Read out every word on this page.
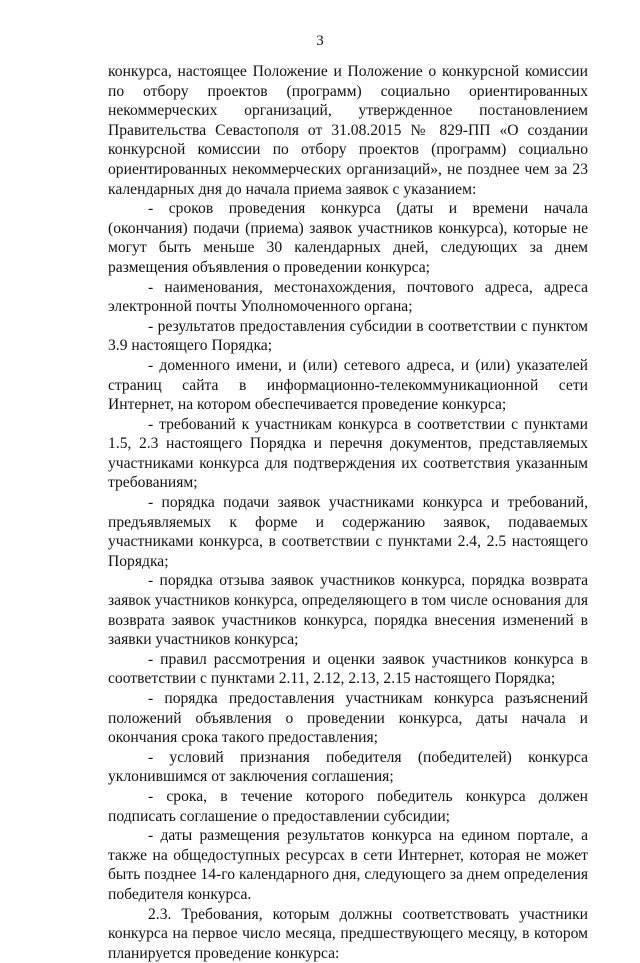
3

конкурса, настоящее Положение и Положение о конкурсной комиссии по отбору проектов (программ) социально ориентированных некоммерческих организаций, утвержденное постановлением Правительства Севастополя от 31.08.2015 № 829-ПП «О создании конкурсной комиссии по отбору проектов (программ) социально ориентированных некоммерческих организаций», не позднее чем за 23 календарных дня до начала приема заявок с указанием:

- сроков проведения конкурса (даты и времени начала (окончания) подачи (приема) заявок участников конкурса), которые не могут быть меньше 30 календарных дней, следующих за днем размещения объявления о проведении конкурса;

- наименования, местонахождения, почтового адреса, адреса электронной почты Уполномоченного органа;

- результатов предоставления субсидии в соответствии с пунктом 3.9 настоящего Порядка;

- доменного имени, и (или) сетевого адреса, и (или) указателей страниц сайта в информационно-телекоммуникационной сети Интернет, на котором обеспечивается проведение конкурса;

- требований к участникам конкурса в соответствии с пунктами 1.5, 2.3 настоящего Порядка и перечня документов, представляемых участниками конкурса для подтверждения их соответствия указанным требованиям;

- порядка подачи заявок участниками конкурса и требований, предъявляемых к форме и содержанию заявок, подаваемых участниками конкурса, в соответствии с пунктами 2.4, 2.5 настоящего Порядка;

- порядка отзыва заявок участников конкурса, порядка возврата заявок участников конкурса, определяющего в том числе основания для возврата заявок участников конкурса, порядка внесения изменений в заявки участников конкурса;

- правил рассмотрения и оценки заявок участников конкурса в соответствии с пунктами 2.11, 2.12, 2.13, 2.15 настоящего Порядка;

- порядка предоставления участникам конкурса разъяснений положений объявления о проведении конкурса, даты начала и окончания срока такого предоставления;

- условий признания победителя (победителей) конкурса уклонившимся от заключения соглашения;

- срока, в течение которого победитель конкурса должен подписать соглашение о предоставлении субсидии;

- даты размещения результатов конкурса на едином портале, а также на общедоступных ресурсах в сети Интернет, которая не может быть позднее 14-го календарного дня, следующего за днем определения победителя конкурса.

2.3. Требования, которым должны соответствовать участники конкурса на первое число месяца, предшествующего месяцу, в котором планируется проведение конкурса:
